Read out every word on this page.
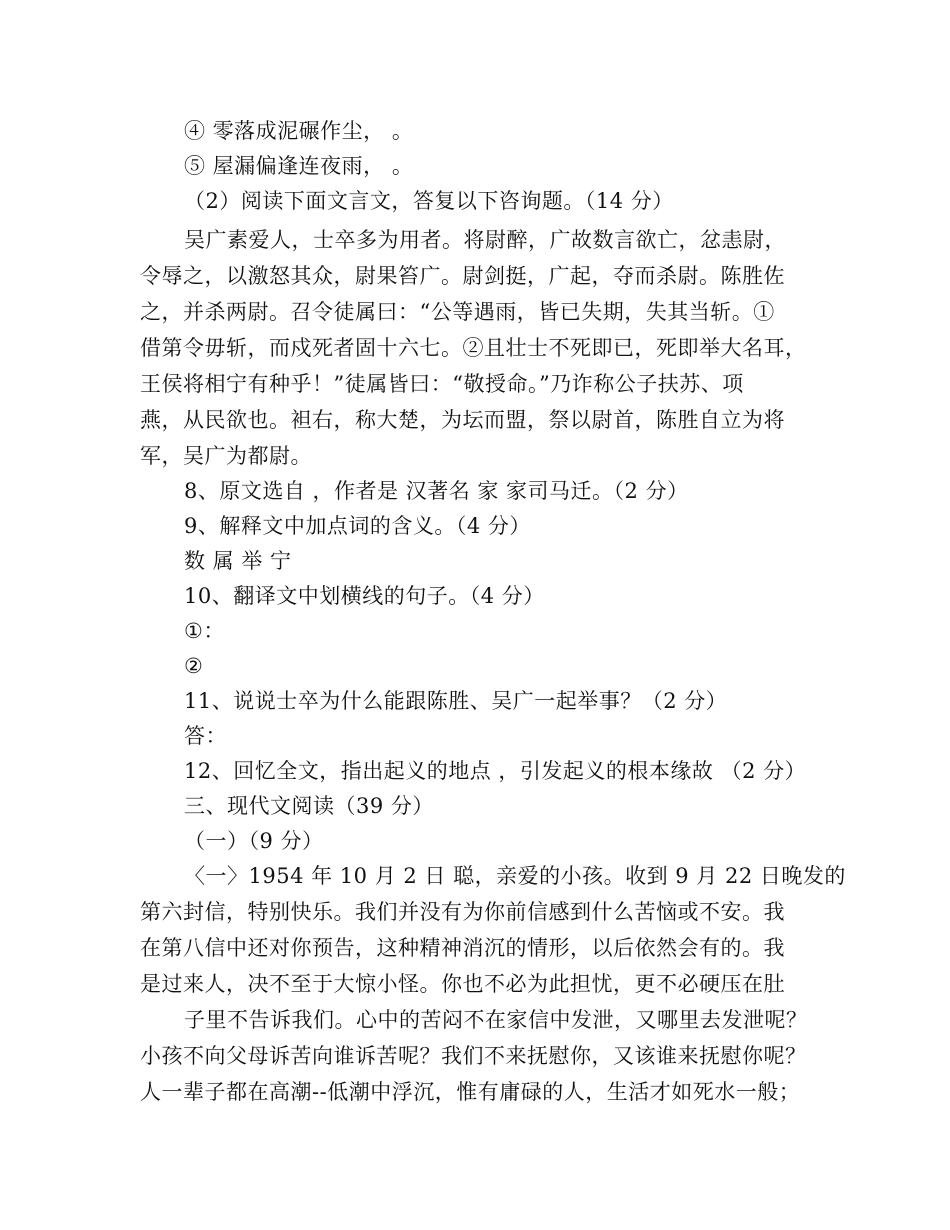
④ 零落成泥碾作尘， 。
⑤ 屋漏偏逢连夜雨， 。
（2）阅读下面文言文，答复以下咨询题。（14 分）
吴广素爱人，士卒多为用者。将尉醉，广故数言欲亡，忿恚尉，
令辱之，以激怒其众，尉果笞广。尉剑挺，广起，夺而杀尉。陈胜佐
之，并杀两尉。召令徒属曰：“公等遇雨，皆已失期，失其当斩。①
借第令毋斩，而戍死者固十六七。②且壮士不死即已，死即举大名耳，
王侯将相宁有种乎！”徒属皆曰：“敬授命。”乃诈称公子扶苏、项
燕，从民欲也。袒右，称大楚，为坛而盟，祭以尉首，陈胜自立为将
军，吴广为都尉。
8、原文选自 ，作者是 汉著名 家 家司马迁。（2 分）
9、解释文中加点词的含义。（4 分）
数 属 举 宁
10、翻译文中划横线的句子。（4 分）
①：
②
11、说说士卒为什么能跟陈胜、吴广一起举事？（2 分）
答：
12、回忆全文，指出起义的地点 ，引发起义的根本缘故 （2 分）
三、现代文阅读（39 分）
（一）（9 分）
〈一〉1954 年 10 月 2 日 聪，亲爱的小孩。收到 9 月 22 日晚发的
第六封信，特别快乐。我们并没有为你前信感到什么苦恼或不安。我
在第八信中还对你预告，这种精神消沉的情形，以后依然会有的。我
是过来人，决不至于大惊小怪。你也不必为此担忧，更不必硬压在肚
子里不告诉我们。心中的苦闷不在家信中发泄，又哪里去发泄呢？
小孩不向父母诉苦向谁诉苦呢？我们不来抚慰你，又该谁来抚慰你呢？
人一辈子都在高潮--低潮中浮沉，惟有庸碌的人，生活才如死水一般；
